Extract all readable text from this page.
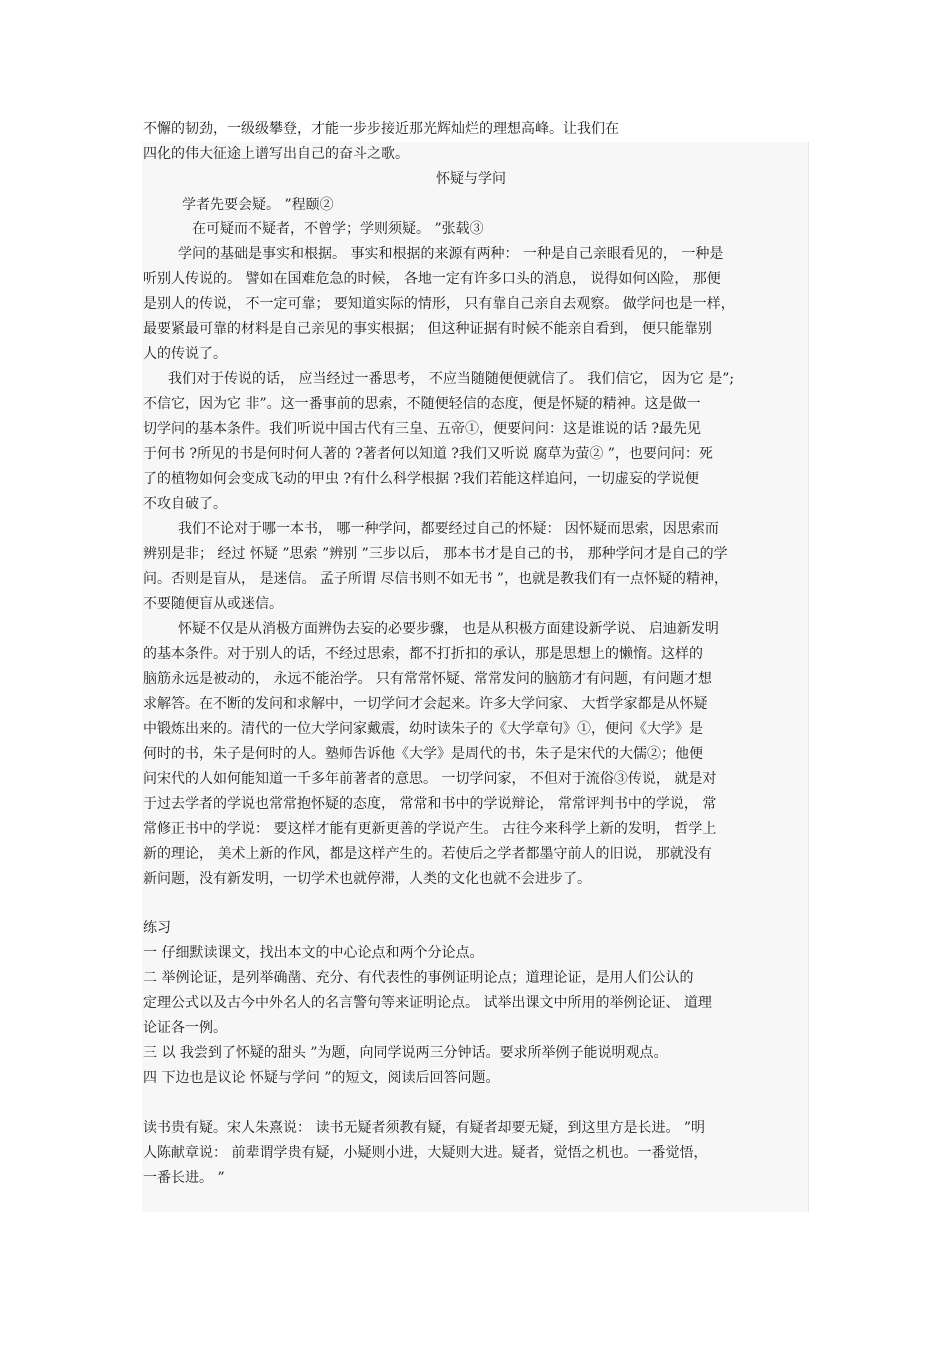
不懈的韧劲，一级级攀登，才能一步步接近那光辉灿烂的理想高峰。让我们在
四化的伟大征途上谱写出自己的奋斗之歌。
怀疑与学问
学者先要会疑。 ”程颐②
在可疑而不疑者，不曾学；学则须疑。 ”张载③
学问的基础是事实和根据。 事实和根据的来源有两种： 一种是自己亲眼看见的， 一种是
听别人传说的。 譬如在国难危急的时候， 各地一定有许多口头的消息， 说得如何凶险， 那便
是别人的传说， 不一定可靠； 要知道实际的情形， 只有靠自己亲自去观察。 做学问也是一样，
最要紧最可靠的材料是自己亲见的事实根据； 但这种证据有时候不能亲自看到， 便只能靠别
人的传说了。
我们对于传说的话， 应当经过一番思考， 不应当随随便便就信了。 我们信它， 因为它 是”;
不信它，因为它 非”。这一番事前的思索，不随便轻信的态度，便是怀疑的精神。这是做一
切学问的基本条件。我们听说中国古代有三皇、五帝①，便要问问：这是谁说的话 ?最先见
于何书 ?所见的书是何时何人著的 ?著者何以知道 ?我们又听说 腐草为萤② ”，也要问问：死
了的植物如何会变成飞动的甲虫 ?有什么科学根据 ?我们若能这样追问，一切虚妄的学说便
不攻自破了。
我们不论对于哪一本书， 哪一种学问，都要经过自己的怀疑： 因怀疑而思索，因思索而
辨别是非； 经过 怀疑 ”思索 ”辨别 ”三步以后， 那本书才是自己的书， 那种学问才是自己的学
问。否则是盲从， 是迷信。 孟子所谓 尽信书则不如无书 ”，也就是教我们有一点怀疑的精神，
不要随便盲从或迷信。
怀疑不仅是从消极方面辨伪去妄的必要步骤， 也是从积极方面建设新学说、 启迪新发明
的基本条件。对于别人的话，不经过思索，都不打折扣的承认，那是思想上的懒惰。这样的
脑筋永远是被动的， 永远不能治学。 只有常常怀疑、常常发问的脑筋才有问题，有问题才想
求解答。在不断的发问和求解中，一切学问才会起来。许多大学问家、 大哲学家都是从怀疑
中锻炼出来的。清代的一位大学问家戴震，幼时读朱子的《大学章句》①，便问《大学》是
何时的书，朱子是何时的人。塾师告诉他《大学》是周代的书，朱子是宋代的大儒②；他便
问宋代的人如何能知道一千多年前著者的意思。 一切学问家， 不但对于流俗③传说， 就是对
于过去学者的学说也常常抱怀疑的态度， 常常和书中的学说辩论， 常常评判书中的学说， 常
常修正书中的学说： 要这样才能有更新更善的学说产生。 古往今来科学上新的发明， 哲学上
新的理论， 美术上新的作风，都是这样产生的。若使后之学者都墨守前人的旧说， 那就没有
新问题，没有新发明，一切学术也就停滞，人类的文化也就不会进步了。
练习
一 仔细默读课文，找出本文的中心论点和两个分论点。
二 举例论证，是列举确凿、充分、有代表性的事例证明论点；道理论证，是用人们公认的
定理公式以及古今中外名人的名言警句等来证明论点。 试举出课文中所用的举例论证、 道理
论证各一例。
三 以 我尝到了怀疑的甜头 ”为题，向同学说两三分钟话。要求所举例子能说明观点。
四 下边也是议论 怀疑与学问 ”的短文，阅读后回答问题。
读书贵有疑。宋人朱熹说： 读书无疑者须教有疑，有疑者却要无疑，到这里方是长进。 ”明
人陈献章说： 前辈谓学贵有疑，小疑则小进，大疑则大进。疑者，觉悟之机也。一番觉悟，
一番长进。 ”
